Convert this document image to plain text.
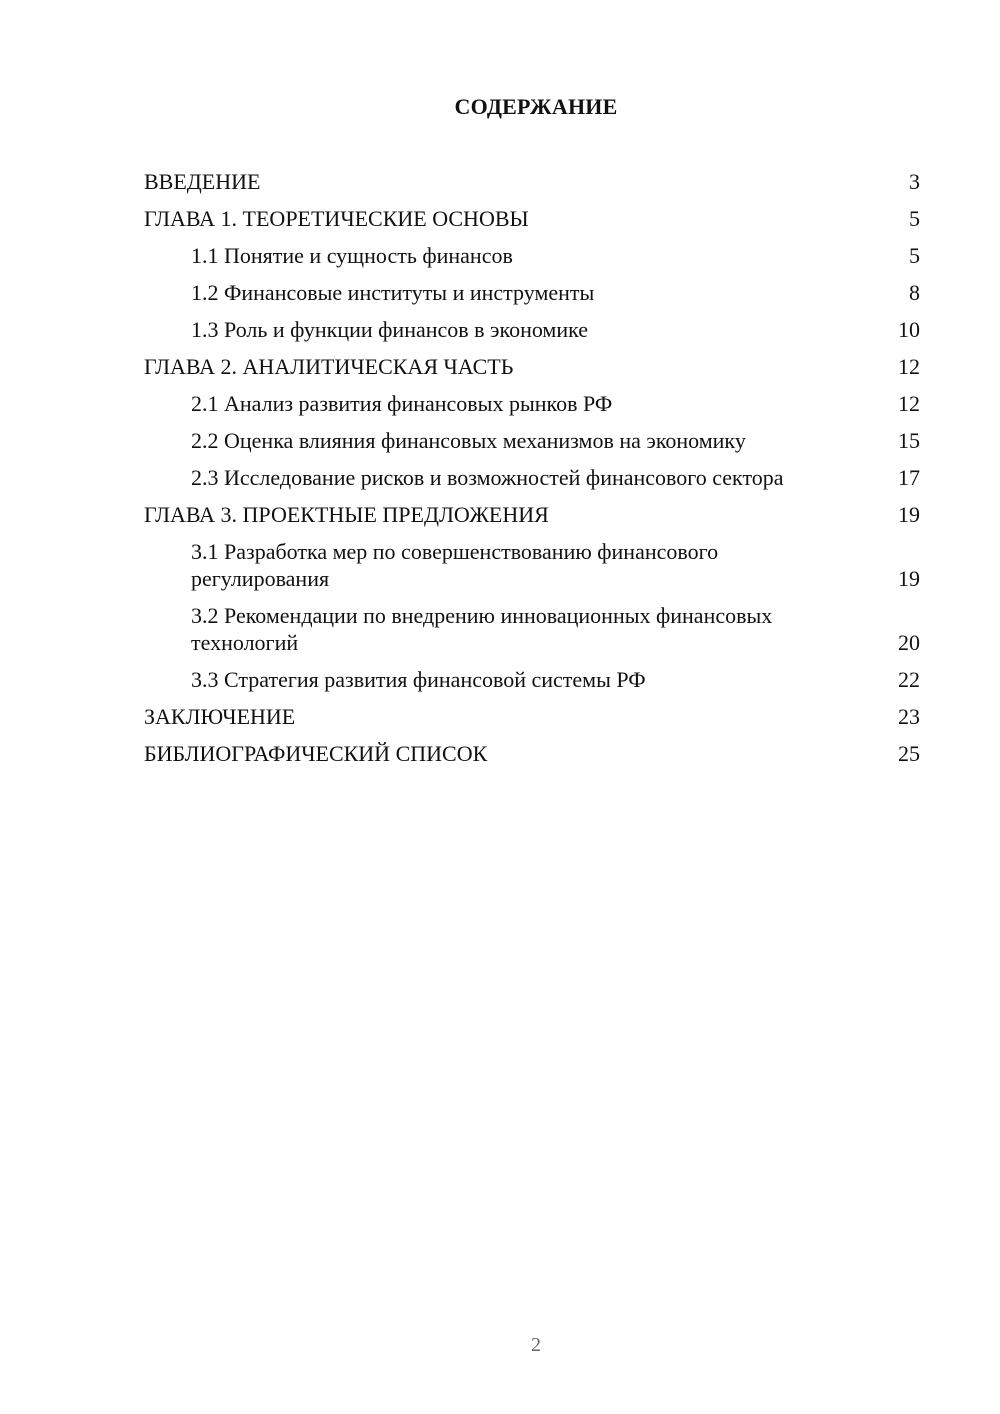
СОДЕРЖАНИЕ
ВВЕДЕНИЕ	3
ГЛАВА 1. ТЕОРЕТИЧЕСКИЕ ОСНОВЫ	5
1.1 Понятие и сущность финансов	5
1.2 Финансовые институты и инструменты	8
1.3 Роль и функции финансов в экономике	10
ГЛАВА 2. АНАЛИТИЧЕСКАЯ ЧАСТЬ	12
2.1 Анализ развития финансовых рынков РФ	12
2.2 Оценка влияния финансовых механизмов на экономику	15
2.3 Исследование рисков и возможностей финансового сектора	17
ГЛАВА 3. ПРОЕКТНЫЕ ПРЕДЛОЖЕНИЯ	19
3.1 Разработка мер по совершенствованию финансового регулирования	19
3.2 Рекомендации по внедрению инновационных финансовых технологий	20
3.3 Стратегия развития финансовой системы РФ	22
ЗАКЛЮЧЕНИЕ	23
БИБЛИОГРАФИЧЕСКИЙ СПИСОК	25
2
